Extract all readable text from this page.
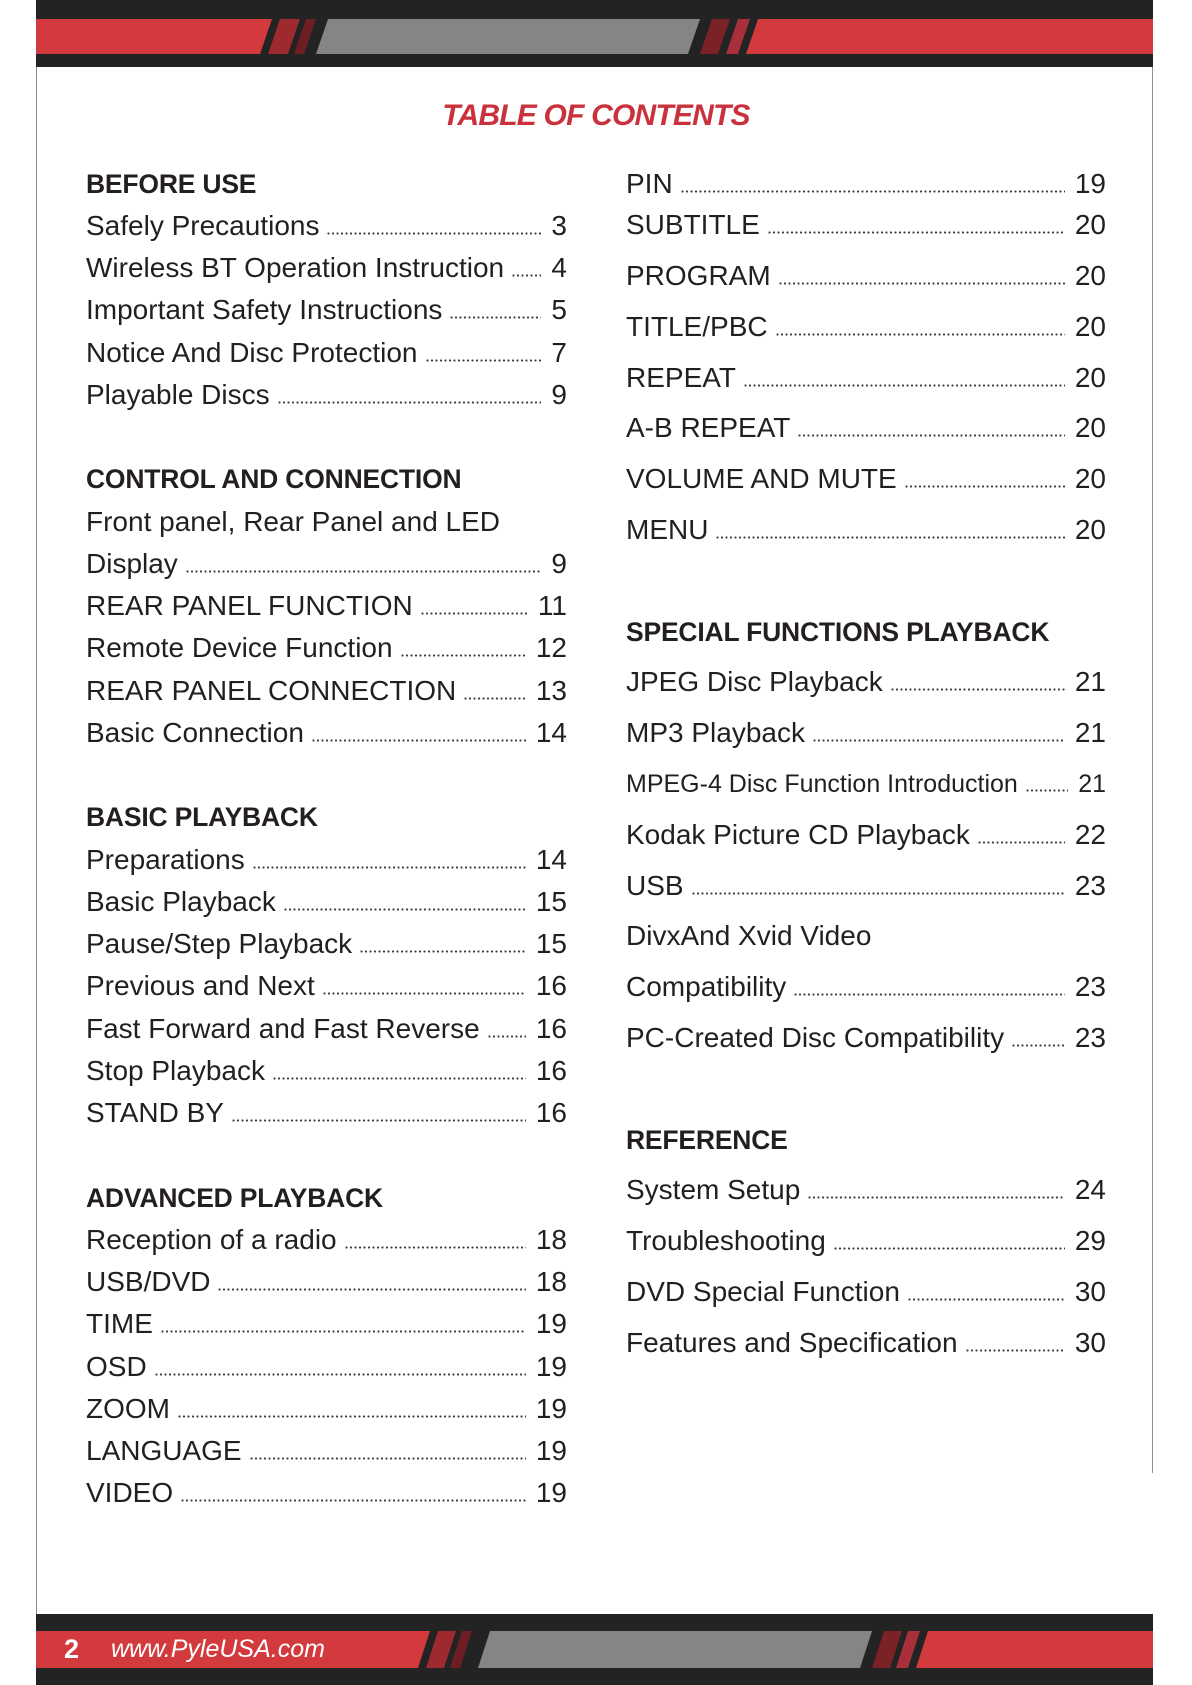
TABLE OF CONTENTS
BEFORE USE
Safely Precautions	3
Wireless BT Operation Instruction 4
Important Safety Instructions	5
Notice And Disc Protection	7
Playable Discs	9
CONTROL AND CONNECTION
Front panel, Rear Panel and LED
Display	9
REAR PANEL FUNCTION	11
Remote Device Function	12
REAR PANEL CONNECTION	13
Basic Connection	14
BASIC PLAYBACK
Preparations	14
Basic Playback	15
Pause/Step Playback	15
Previous and Next	16
Fast Forward and Fast Reverse 16
Stop Playback	16
STAND BY	16
ADVANCED PLAYBACK
Reception of a radio	18
USB/DVD	18
TIME	19
OSD	19
ZOOM	19
LANGUAGE	19
VIDEO	19
PIN	19
SUBTITLE	20
PROGRAM	20
TITLE/PBC	20
REPEAT	20
A-B REPEAT	20
VOLUME AND MUTE	20
MENU	20
SPECIAL FUNCTIONS PLAYBACK
JPEG Disc Playback	21
MP3 Playback	21
MPEG-4 Disc Function Introduction 21
Kodak Picture CD Playback	22
USB	23
DivxAnd Xvid Video
Compatibility	23
PC-Created Disc Compatibility	23
REFERENCE
System Setup	24
Troubleshooting	29
DVD Special Function	30
Features and Specification	30
2 www.PyleUSA.com
